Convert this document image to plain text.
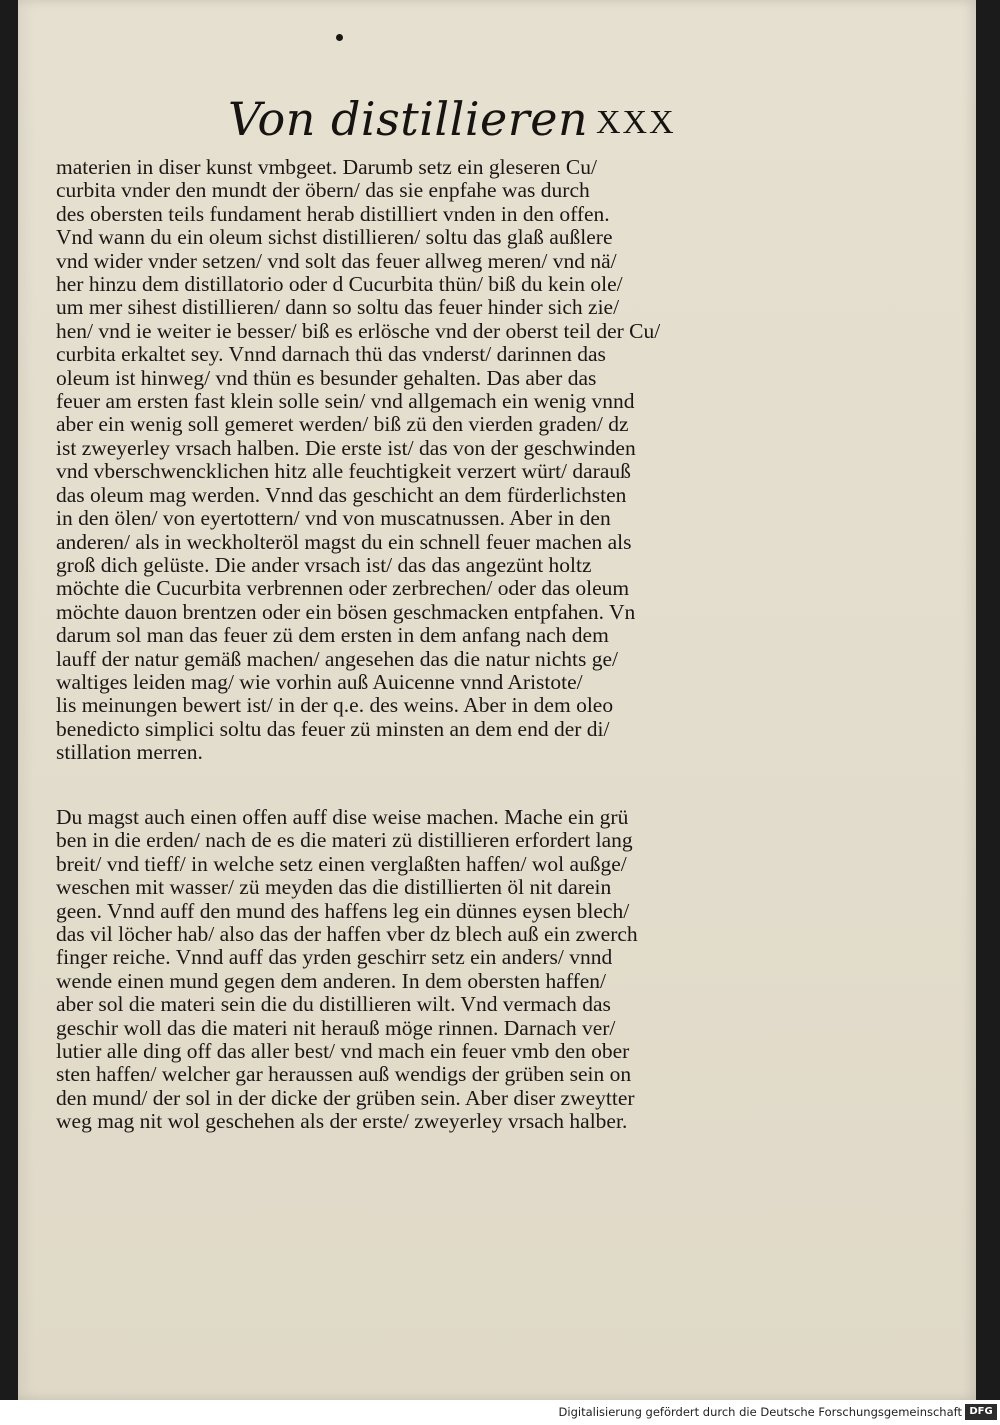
Von distillieren XXX
materien in diser kunst vmbgeet. Darumb setz ein gleseren Cu/
curbita vnder den mundt der öbern/ das sie enpfahe was durch
des obersten teils fundament herab distilliert vnden in den offen.
Vnd wann du ein oleum sichst distillieren/ soltu das glaß außlere
vnd wider vnder setzen/ vnd solt das feuer allweg meren/ vnd nä/
her hinzu dem distillatorio oder d Cucurbita thün/ biß du kein ole/
um mer sihest distillieren/ dann so soltu das feuer hinder sich zie/
hen/ vnd ie weiter ie besser/ biß es erlösche vnd der oberst teil der Cu/
curbita erkaltet sey. Vnnd darnach thü das vnderst/ darinnen das
oleum ist hinweg/ vnd thün es besunder gehalten. Das aber das
feuer am ersten fast klein solle sein/ vnd allgemach ein wenig vnnd
aber ein wenig soll gemeret werden/ biß zü den vierden graden/ dz
ist zweyerley vrsach halben. Die erste ist/ das von der geschwinden
vnd vberschwencklichen hitz alle feuchtigkeit verzert würt/ darauß
das oleum mag werden. Vnnd das geschicht an dem fürderlichsten
in den ölen/ von eyertottern/ vnd von muscatnussen. Aber in den
anderen/ als in weckholteröl magst du ein schnell feuer machen als
groß dich gelüste. Die ander vrsach ist/ das das angezünt holtz
möchte die Cucurbita verbrennen oder zerbrechen/ oder das oleum
möchte dauon brentzen oder ein bösen geschmacken entpfahen. Vn
darum sol man das feuer zü dem ersten in dem anfang nach dem
lauff der natur gemäß machen/ angesehen das die natur nichts ge/
waltiges leiden mag/ wie vorhin auß Auicenne vnnd Aristote/
lis meinungen bewert ist/ in der q.e. des weins. Aber in dem oleo
benedicto simplici soltu das feuer zü minsten an dem end der di/
stillation merren.
Du magst auch einen offen auff dise weise machen. Mache ein grü
ben in die erden/ nach de es die materi zü distillieren erfordert lang
breit/ vnd tieff/ in welche setz einen verglaßten haffen/ wol außge/
weschen mit wasser/ zü meyden das die distillierten öl nit darein
geen. Vnnd auff den mund des haffens leg ein dünnes eysen blech/
das vil löcher hab/ also das der haffen vber dz blech auß ein zwerch
finger reiche. Vnnd auff das yrden geschirr setz ein anders/ vnnd
wende einen mund gegen dem anderen. In dem obersten haffen/
aber sol die materi sein die du distillieren wilt. Vnd vermach das
geschir woll das die materi nit herauß möge rinnen. Darnach ver/
lutier alle ding off das aller best/ vnd mach ein feuer vmb den ober
sten haffen/ welcher gar heraussen auß wendigs der grüben sein on
den mund/ der sol in der dicke der grüben sein. Aber diser zweytter
weg mag nit wol geschehen als der erste/ zweyerley vrsach halber.
Digitalisierung gefördert durch die Deutsche Forschungsgemeinschaft DFG
